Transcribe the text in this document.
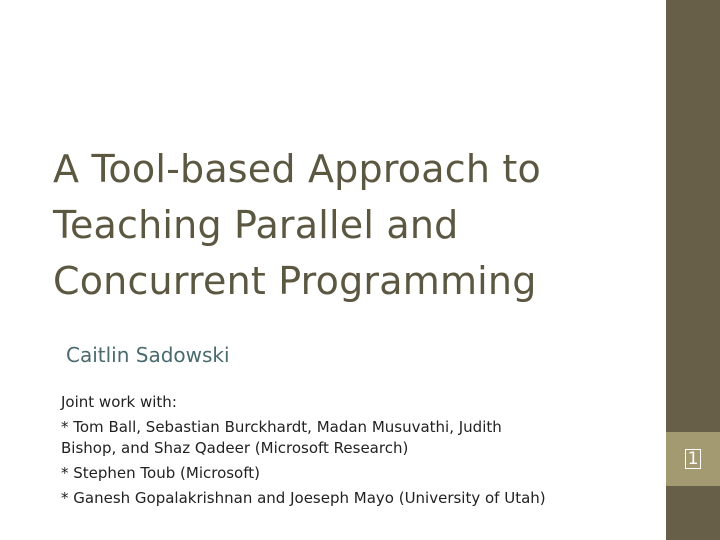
A Tool-based Approach to
Teaching Parallel and
Concurrent Programming
Caitlin Sadowski
Joint work with:
* Tom Ball, Sebastian Burckhardt, Madan Musuvathi, Judith
Bishop, and Shaz Qadeer (Microsoft Research)
* Stephen Toub (Microsoft)
* Ganesh Gopalakrishnan and Joeseph Mayo (University of Utah)
1
